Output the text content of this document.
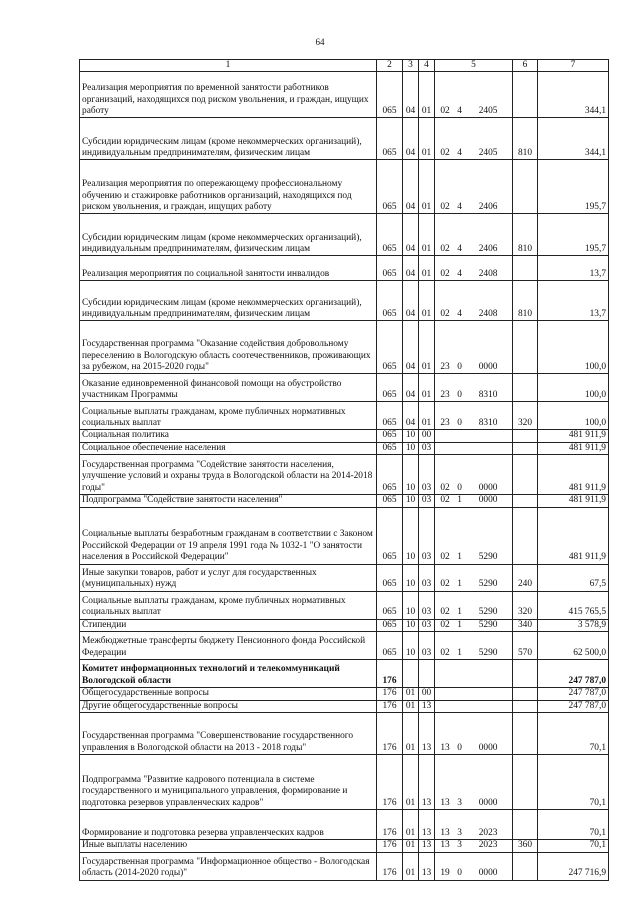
64
1	2	3	4	5	6	7
Реализация мероприятия по временной занятости работников организаций, находящихся под риском увольнения, и граждан, ищущих работу	065	04	01	02 4 2405		344,1
Субсидии юридическим лицам (кроме некоммерческих организаций), индивидуальным предпринимателям, физическим лицам	065	04	01	02 4 2405	810	344,1
Реализация мероприятия по опережающему профессиональному обучению и стажировке работников организаций, находящихся под риском увольнения, и граждан, ищущих работу	065	04	01	02 4 2406		195,7
Субсидии юридическим лицам (кроме некоммерческих организаций), индивидуальным предпринимателям, физическим лицам	065	04	01	02 4 2406	810	195,7
Реализация мероприятия по социальной занятости инвалидов	065	04	01	02 4 2408		13,7
Субсидии юридическим лицам (кроме некоммерческих организаций), индивидуальным предпринимателям, физическим лицам	065	04	01	02 4 2408	810	13,7
Государственная программа "Оказание содействия добровольному переселению в Вологодскую область соотечественников, проживающих за рубежом, на 2015-2020 годы"	065	04	01	23 0 0000		100,0
Оказание единовременной финансовой помощи на обустройство участникам Программы	065	04	01	23 0 8310		100,0
Социальные выплаты гражданам, кроме публичных нормативных социальных выплат	065	04	01	23 0 8310	320	100,0
Социальная политика	065	10	00			481 911,9
Социальное обеспечение населения	065	10	03			481 911,9
Государственная программа "Содействие занятости населения, улучшение условий и охраны труда в Вологодской области на 2014-2018 годы"	065	10	03	02 0 0000		481 911,9
Подпрограмма "Содействие занятости населения"	065	10	03	02 1 0000		481 911,9
Социальные выплаты безработным гражданам в соответствии с Законом Российской Федерации от 19 апреля 1991 года № 1032-1 "О занятости населения в Российской Федерации"	065	10	03	02 1 5290		481 911,9
Иные закупки товаров, работ и услуг для государственных (муниципальных) нужд	065	10	03	02 1 5290	240	67,5
Социальные выплаты гражданам, кроме публичных нормативных социальных выплат	065	10	03	02 1 5290	320	415 765,5
Стипендии	065	10	03	02 1 5290	340	3 578,9
Межбюджетные трансферты бюджету Пенсионного фонда Российской Федерации	065	10	03	02 1 5290	570	62 500,0
Комитет информационных технологий и телекоммуникаций Вологодской области	176					247 787,0
Общегосударственные вопросы	176	01	00			247 787,0
Другие общегосударственные вопросы	176	01	13			247 787,0
Государственная программа "Совершенствование государственного управления в Вологодской области на 2013 - 2018 годы"	176	01	13	13 0 0000		70,1
Подпрограмма "Развитие кадрового потенциала в системе государственного и муниципального управления, формирование и подготовка резервов управленческих кадров"	176	01	13	13 3 0000		70,1
Формирование и подготовка резерва управленческих кадров	176	01	13	13 3 2023		70,1
Иные выплаты населению	176	01	13	13 3 2023	360	70,1
Государственная программа "Информационное общество - Вологодская область (2014-2020 годы)"	176	01	13	19 0 0000		247 716,9
